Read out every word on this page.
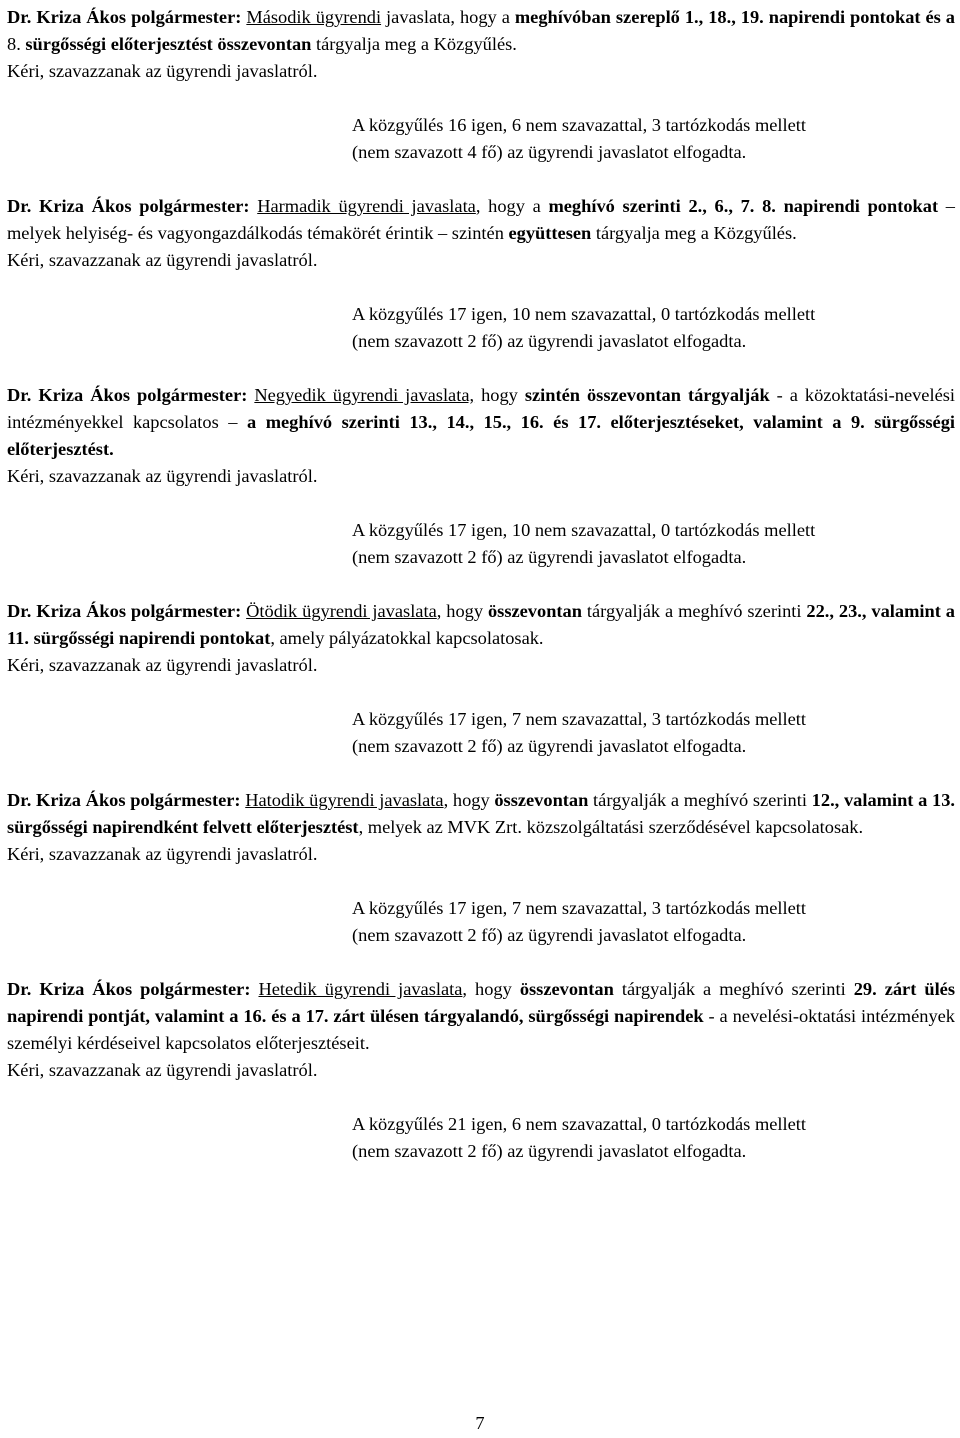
Dr. Kriza Ákos polgármester: Második ügyrendi javaslata, hogy a meghívóban szereplő 1., 18., 19. napirendi pontokat és a 8. sürgősségi előterjesztést összevontan tárgyalja meg a Közgyűlés.

Kéri, szavazzanak az ügyrendi javaslatról.

A közgyűlés 16 igen, 6 nem szavazattal, 3 tartózkodás mellett

(nem szavazott 4 fő) az ügyrendi javaslatot elfogadta.

Dr. Kriza Ákos polgármester: Harmadik ügyrendi javaslata, hogy a meghívó szerinti 2., 6., 7. 8. napirendi pontokat – melyek helyiség- és vagyongazdálkodás témakörét érintik – szintén együttesen tárgyalja meg a Közgyűlés.

Kéri, szavazzanak az ügyrendi javaslatról.

A közgyűlés 17 igen, 10 nem szavazattal, 0 tartózkodás mellett

(nem szavazott 2 fő) az ügyrendi javaslatot elfogadta.

Dr. Kriza Ákos polgármester: Negyedik ügyrendi javaslata, hogy szintén összevontan tárgyalják - a közoktatási-nevelési intézményekkel kapcsolatos – a meghívó szerinti 13., 14., 15., 16. és 17. előterjesztéseket, valamint a 9. sürgősségi előterjesztést.

Kéri, szavazzanak az ügyrendi javaslatról.

A közgyűlés 17 igen, 10 nem szavazattal, 0 tartózkodás mellett

(nem szavazott 2 fő) az ügyrendi javaslatot elfogadta.

Dr. Kriza Ákos polgármester: Ötödik ügyrendi javaslata, hogy összevontan tárgyalják a meghívó szerinti 22., 23., valamint a 11. sürgősségi napirendi pontokat, amely pályázatokkal kapcsolatosak.

Kéri, szavazzanak az ügyrendi javaslatról.

A közgyűlés 17 igen, 7 nem szavazattal, 3 tartózkodás mellett

(nem szavazott 2 fő) az ügyrendi javaslatot elfogadta.

Dr. Kriza Ákos polgármester: Hatodik ügyrendi javaslata, hogy összevontan tárgyalják a meghívó szerinti 12., valamint a 13. sürgősségi napirendként felvett előterjesztést, melyek az MVK Zrt. közszolgáltatási szerződésével kapcsolatosak.

Kéri, szavazzanak az ügyrendi javaslatról.

A közgyűlés 17 igen, 7 nem szavazattal, 3 tartózkodás mellett

(nem szavazott 2 fő) az ügyrendi javaslatot elfogadta.

Dr. Kriza Ákos polgármester: Hetedik ügyrendi javaslata, hogy összevontan tárgyalják a meghívó szerinti 29. zárt ülés napirendi pontját, valamint a 16. és a 17. zárt ülésen tárgyalandó, sürgősségi napirendek - a nevelési-oktatási intézmények személyi kérdéseivel kapcsolatos előterjesztéseit.

Kéri, szavazzanak az ügyrendi javaslatról.

A közgyűlés 21 igen, 6 nem szavazattal, 0 tartózkodás mellett

(nem szavazott 2 fő) az ügyrendi javaslatot elfogadta.

7
